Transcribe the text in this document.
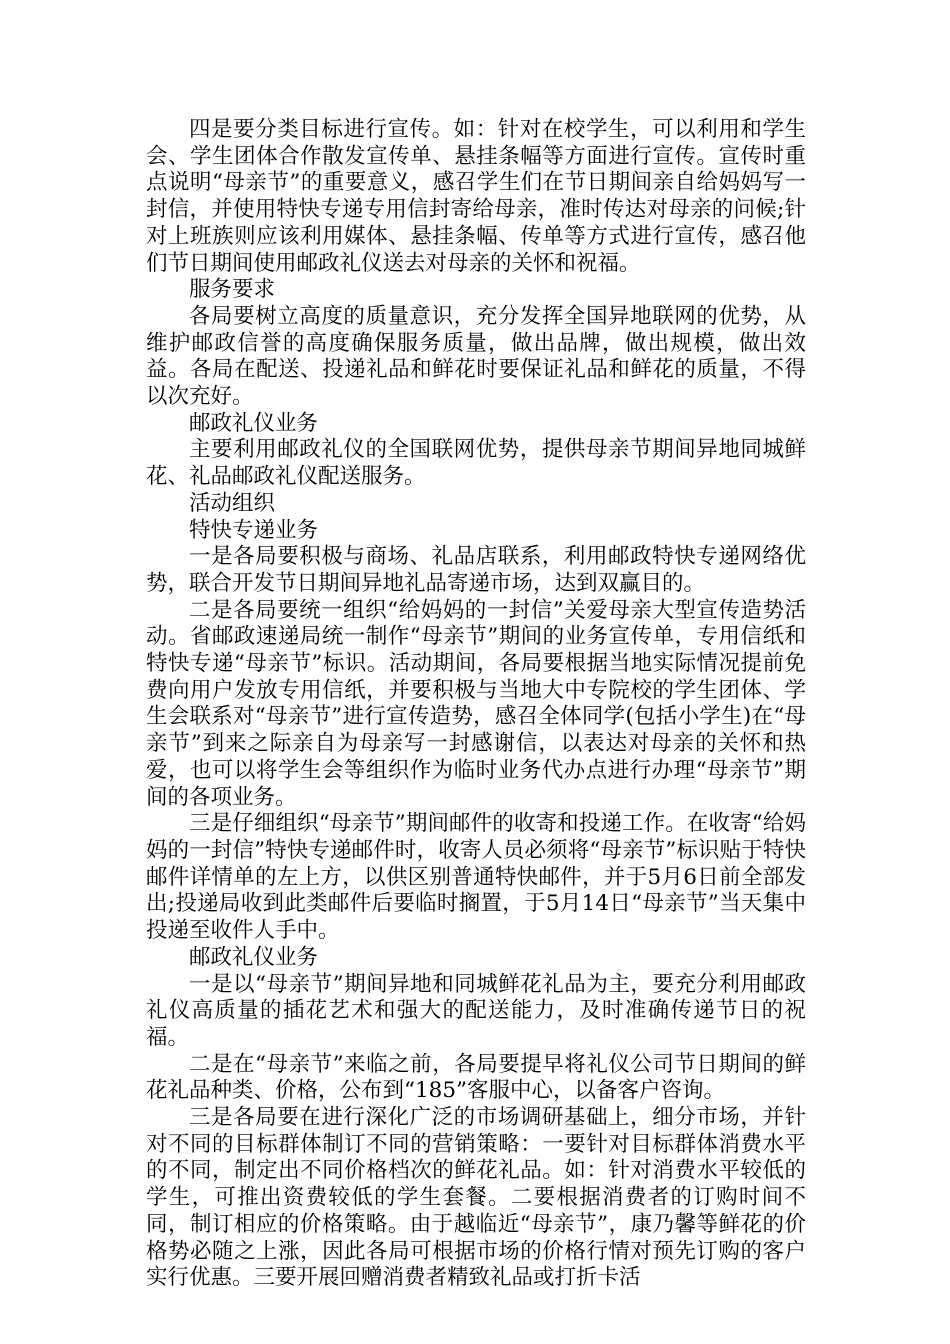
四是要分类目标进行宣传。如：针对在校学生，可以利用和学生会、学生团体合作散发宣传单、悬挂条幅等方面进行宣传。宣传时重点说明“母亲节”的重要意义，感召学生们在节日期间亲自给妈妈写一封信，并使用特快专递专用信封寄给母亲，准时传达对母亲的问候;针对上班族则应该利用媒体、悬挂条幅、传单等方式进行宣传，感召他们节日期间使用邮政礼仪送去对母亲的关怀和祝福。

服务要求

各局要树立高度的质量意识，充分发挥全国异地联网的优势，从维护邮政信誉的高度确保服务质量，做出品牌，做出规模，做出效益。各局在配送、投递礼品和鲜花时要保证礼品和鲜花的质量，不得以次充好。

邮政礼仪业务

主要利用邮政礼仪的全国联网优势，提供母亲节期间异地同城鲜花、礼品邮政礼仪配送服务。

活动组织

特快专递业务

一是各局要积极与商场、礼品店联系，利用邮政特快专递网络优势，联合开发节日期间异地礼品寄递市场，达到双赢目的。

二是各局要统一组织“给妈妈的一封信”关爱母亲大型宣传造势活动。省邮政速递局统一制作“母亲节”期间的业务宣传单，专用信纸和特快专递“母亲节”标识。活动期间，各局要根据当地实际情况提前免费向用户发放专用信纸，并要积极与当地大中专院校的学生团体、学生会联系对“母亲节”进行宣传造势，感召全体同学(包括小学生)在“母亲节”到来之际亲自为母亲写一封感谢信，以表达对母亲的关怀和热爱，也可以将学生会等组织作为临时业务代办点进行办理“母亲节”期间的各项业务。

三是仔细组织“母亲节”期间邮件的收寄和投递工作。在收寄“给妈妈的一封信”特快专递邮件时，收寄人员必须将“母亲节”标识贴于特快邮件详情单的左上方，以供区别普通特快邮件，并于5月6日前全部发出;投递局收到此类邮件后要临时搁置，于5月14日“母亲节”当天集中投递至收件人手中。

邮政礼仪业务

一是以“母亲节”期间异地和同城鲜花礼品为主，要充分利用邮政礼仪高质量的插花艺术和强大的配送能力，及时准确传递节日的祝福。

二是在“母亲节”来临之前，各局要提早将礼仪公司节日期间的鲜花礼品种类、价格，公布到“185”客服中心，以备客户咨询。

三是各局要在进行深化广泛的市场调研基础上，细分市场，并针对不同的目标群体制订不同的营销策略：一要针对目标群体消费水平的不同，制定出不同价格档次的鲜花礼品。如：针对消费水平较低的学生，可推出资费较低的学生套餐。二要根据消费者的订购时间不同，制订相应的价格策略。由于越临近“母亲节”，康乃馨等鲜花的价格势必随之上涨，因此各局可根据市场的价格行情对预先订购的客户实行优惠。三要开展回赠消费者精致礼品或打折卡活
